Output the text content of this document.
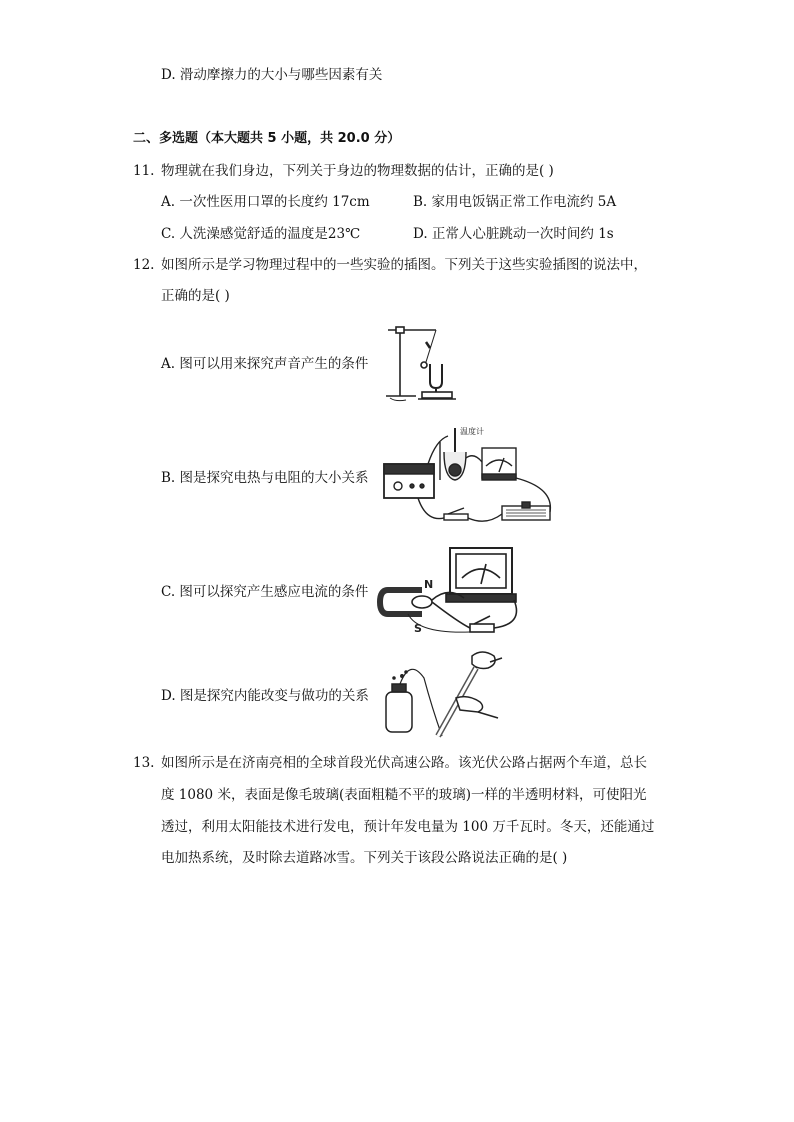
D. 滑动摩擦力的大小与哪些因素有关
二、多选题（本大题共 5 小题，共 20.0 分）
11. 物理就在我们身边，下列关于身边的物理数据的估计，正确的是( )
A. 一次性医用口罩的长度约 17cm	B. 家用电饭锅正常工作电流约 5A
C. 人洗澡感觉舒适的温度是23℃	D. 正常人心脏跳动一次时间约 1s
12. 如图所示是学习物理过程中的一些实验的插图。下列关于这些实验插图的说法中，
正确的是( )
A. 图可以用来探究声音产生的条件
B. 图是探究电热与电阻的大小关系
C. 图可以探究产生感应电流的条件
D. 图是探究内能改变与做功的关系
温度计
N
S
13. 如图所示是在济南亮相的全球首段光伏高速公路。该光伏公路占据两个车道，总长
度 1080 米，表面是像毛玻璃(表面粗糙不平的玻璃)一样的半透明材料，可使阳光
透过，利用太阳能技术进行发电，预计年发电量为 100 万千瓦时。冬天，还能通过
电加热系统，及时除去道路冰雪。下列关于该段公路说法正确的是( )
